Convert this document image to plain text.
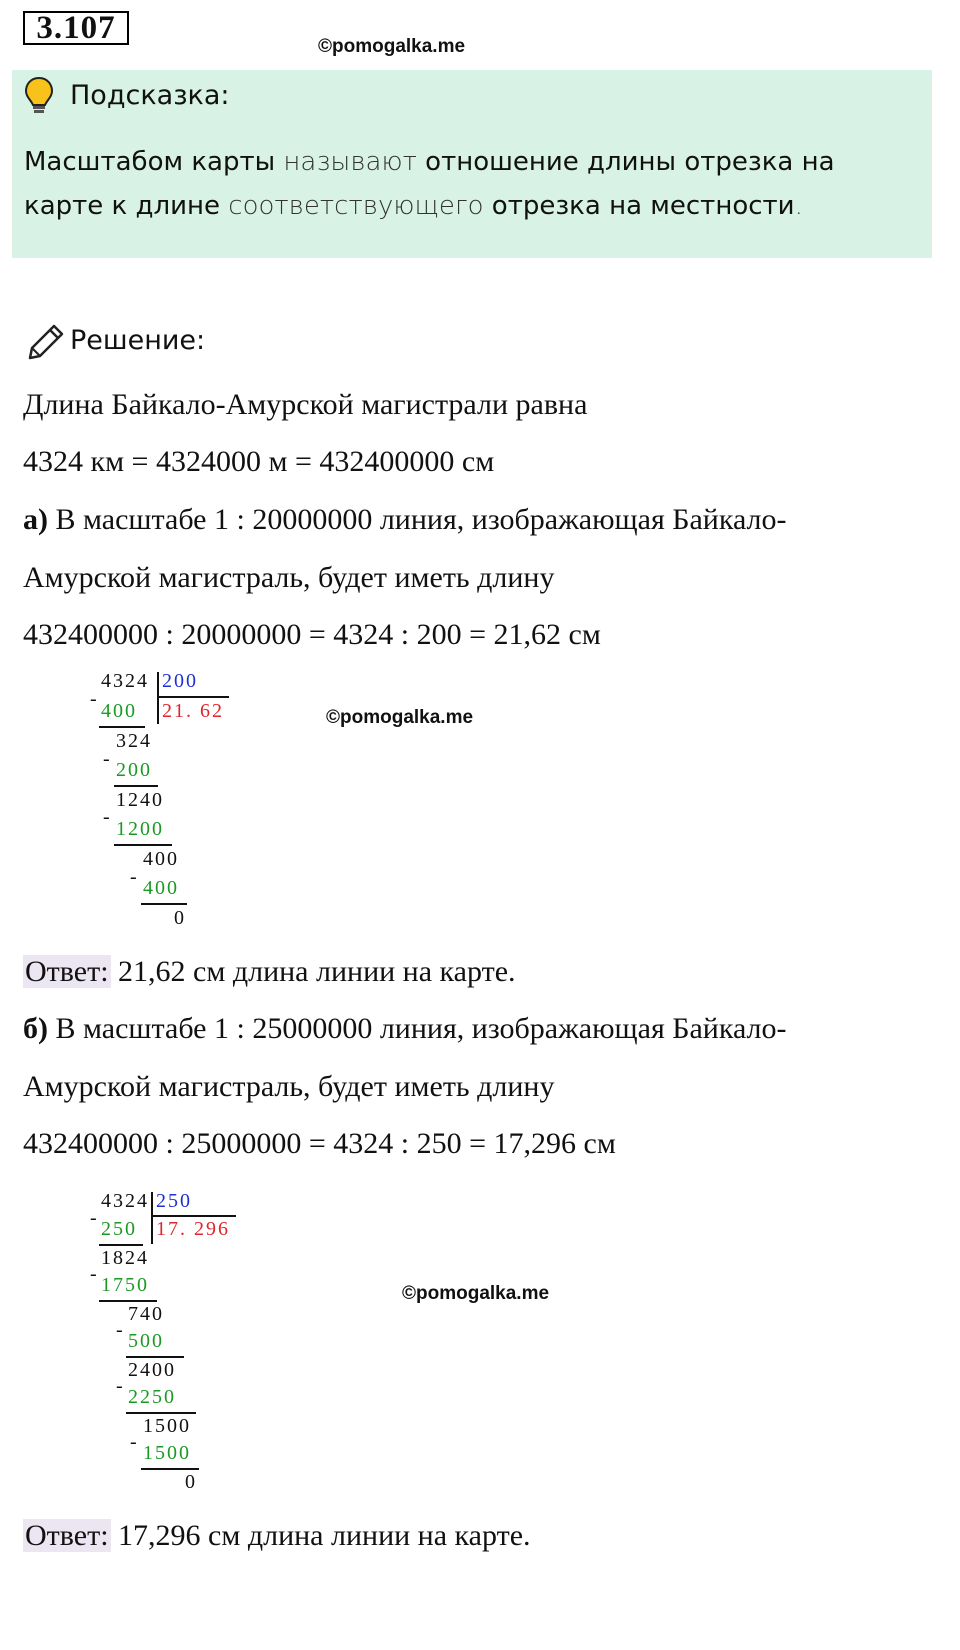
3.107
©pomogalka.me
Подсказка:
Масштабом карты называют отношение длины отрезка на карте к длине соответствующего отрезка на местности.
Решение:
Длина Байкало-Амурской магистрали равна
4324 км = 4324000 м = 432400000 см
а) В масштабе 1 : 20000000 линия, изображающая Байкало-
Амурской магистраль, будет иметь длину
432400000 : 20000000 = 4324 : 200 = 21,62 см
4324 200
-
400 21. 62
324
- 200
1240
-
1200
400
- 400
0
©pomogalka.me
Ответ: 21,62 см длина линии на карте.
б) В масштабе 1 : 25000000 линия, изображающая Байкало-
Амурской магистраль, будет иметь длину
432400000 : 25000000 = 4324 : 250 = 17,296 см
4324 250
- 250 17. 296
1824
- 1750
740
- 500
2400
- 2250
1500
- 1500
0
©pomogalka.me
Ответ: 17,296 см длина линии на карте.
